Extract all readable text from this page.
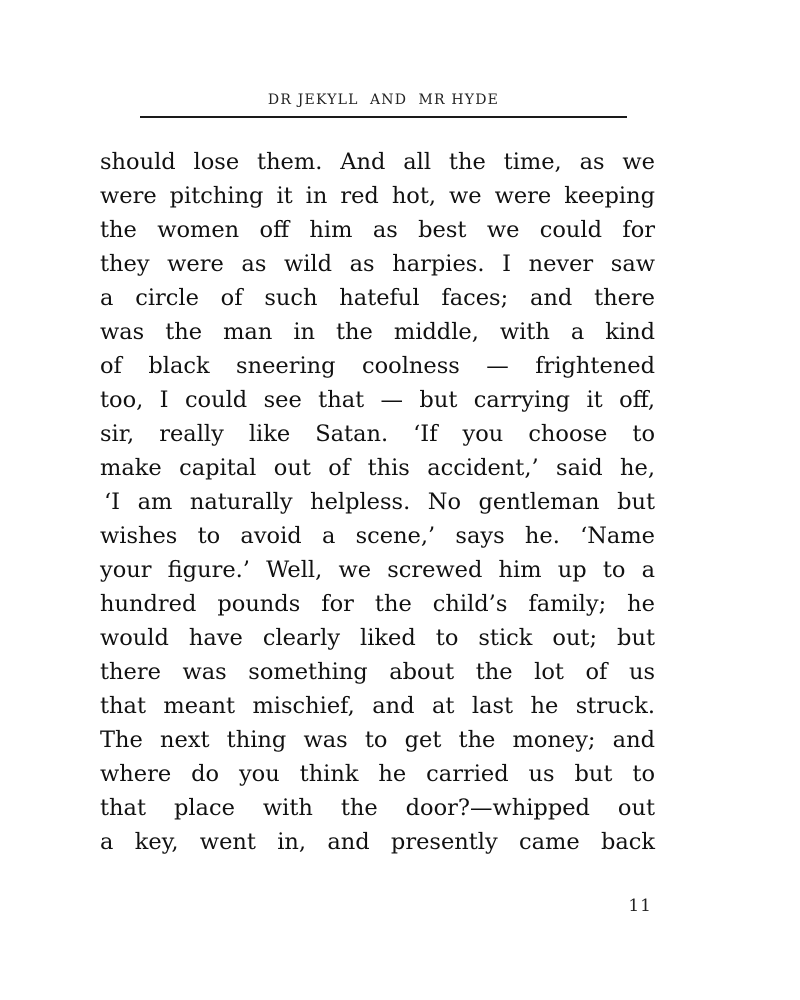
DR JEKYLL  AND  MR HYDE
should lose them. And all the time, as we
were pitching it in red hot, we were keeping
the women off him as best we could for
they were as wild as harpies. I never saw
a circle of such hateful faces; and there
was the man in the middle, with a kind
of black sneering coolness — frightened
too, I could see that — but carrying it off,
sir, really like Satan. ‘If you choose to
make capital out of this accident,’ said he,
‘I am naturally helpless. No gentleman but
wishes to avoid a scene,’ says he. ‘Name
your figure.’ Well, we screwed him up to a
hundred pounds for the child’s family; he
would have clearly liked to stick out; but
there was something about the lot of us
that meant mischief, and at last he struck.
The next thing was to get the money; and
where do you think he carried us but to
that place with the door?—whipped out
a key, went in, and presently came back
11
